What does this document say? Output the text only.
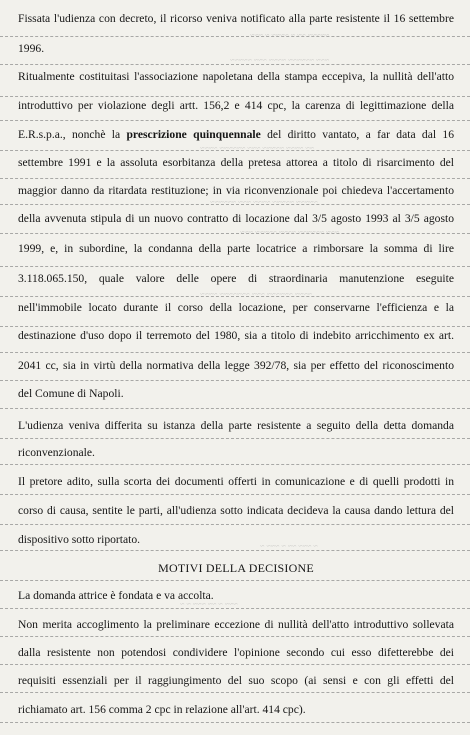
~~~ ~ ~~~~ ~ ~~ ~~~~~
~~~~~ ~~~ ~~~~ ~~~~~~ ~~~
~~~~ ~~~~~~ ~~~ ~~~~~ ~~~~ ~~
~~~~~~ ~~~ ~~~~ ~~~~~ ~~~~~
~~~ ~~~~~ ~~~~ ~~~~~~ ~~~
~~~~ ~~~~~~~ ~~~ ~~~~~~ ~~~~
~ ~~~ ~ ~~ ~~~ ~
~ ~ ~~~ ~~ ~ ~~~
Fissata l'udienza con decreto, il ricorso veniva notificato alla parte resistente il 16 settembre
1996.
Ritualmente costituitasi l'associazione napoletana della stampa eccepiva, la nullità dell'atto
introduttivo per violazione degli artt. 156,2 e 414 cpc, la carenza di legittimazione della
E.R.s.p.a., nonchè la prescrizione quinquennale del diritto vantato, a far data dal 16
settembre 1991 e la assoluta esorbitanza della pretesa attorea a titolo di risarcimento del
maggior danno da ritardata restituzione; in via riconvenzionale poi chiedeva l'accertamento
della avvenuta stipula di un nuovo contratto di locazione dal 3/5 agosto 1993 al 3/5 agosto
1999, e, in subordine, la condanna della parte locatrice a rimborsare la somma di lire
3.118.065.150, quale valore delle opere di straordinaria manutenzione eseguite
nell'immobile locato durante il corso della locazione, per conservarne l'efficienza e la
destinazione d'uso dopo il terremoto del 1980, sia a titolo di indebito arricchimento ex art.
2041 cc, sia in virtù della normativa della legge 392/78, sia per effetto del riconoscimento
del Comune di Napoli.
L'udienza veniva differita su istanza della parte resistente a seguito della detta domanda
riconvenzionale.
Il pretore adito, sulla scorta dei documenti offerti in comunicazione e di quelli prodotti in
corso di causa, sentite le parti, all'udienza sotto indicata decideva la causa dando lettura del
dispositivo sotto riportato.
MOTIVI DELLA DECISIONE
La domanda attrice è fondata e va accolta.
Non merita accoglimento la preliminare eccezione di nullità dell'atto introduttivo sollevata
dalla resistente non potendosi condividere l'opinione secondo cui esso difetterebbe dei
requisiti essenziali per il raggiungimento del suo scopo (ai sensi e con gli effetti del
richiamato art. 156 comma 2 cpc in relazione all'art. 414 cpc).
